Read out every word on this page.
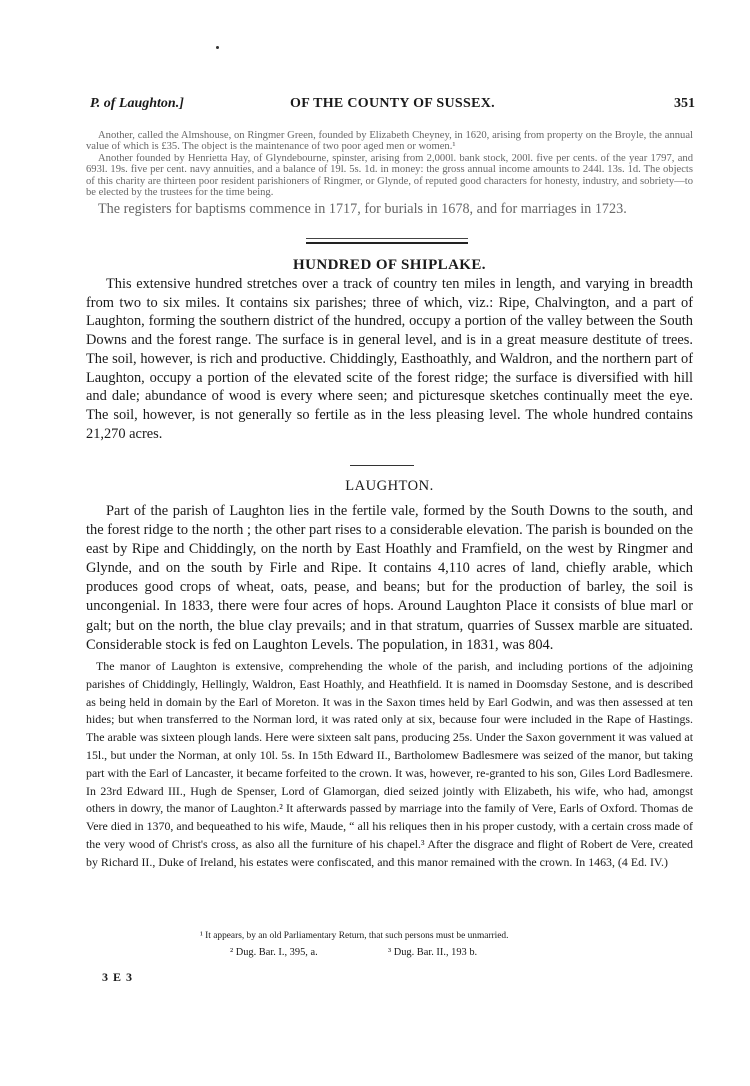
P. of Laughton.]	OF THE COUNTY OF SUSSEX.	351

Another, called the Almshouse, on Ringmer Green, founded by Elizabeth Cheyney, in 1620, arising from property on the Broyle, the annual value of which is £35. The object is the maintenance of two poor aged men or women.¹

Another founded by Henrietta Hay, of Glyndebourne, spinster, arising from 2,000l. bank stock, 200l. five per cents. of the year 1797, and 693l. 19s. five per cent. navy annuities, and a balance of 19l. 5s. 1d. in money: the gross annual income amounts to 244l. 13s. 1d. The objects of this charity are thirteen poor resident parishioners of Ringmer, or Glynde, of reputed good characters for honesty, industry, and sobriety—to be elected by the trustees for the time being.

The registers for baptisms commence in 1717, for burials in 1678, and for marriages in 1723.

HUNDRED OF SHIPLAKE.

This extensive hundred stretches over a track of country ten miles in length, and varying in breadth from two to six miles. It contains six parishes; three of which, viz.: Ripe, Chalvington, and a part of Laughton, forming the southern district of the hundred, occupy a portion of the valley between the South Downs and the forest range. The surface is in general level, and is in a great measure destitute of trees. The soil, however, is rich and productive. Chiddingly, Easthoathly, and Waldron, and the northern part of Laughton, occupy a portion of the elevated scite of the forest ridge; the surface is diversified with hill and dale; abundance of wood is every where seen; and picturesque sketches continually meet the eye. The soil, however, is not generally so fertile as in the less pleasing level. The whole hundred contains 21,270 acres.

LAUGHTON.

Part of the parish of Laughton lies in the fertile vale, formed by the South Downs to the south, and the forest ridge to the north ; the other part rises to a considerable elevation. The parish is bounded on the east by Ripe and Chiddingly, on the north by East Hoathly and Framfield, on the west by Ringmer and Glynde, and on the south by Firle and Ripe. It contains 4,110 acres of land, chiefly arable, which produces good crops of wheat, oats, pease, and beans; but for the production of barley, the soil is uncongenial. In 1833, there were four acres of hops. Around Laughton Place it consists of blue marl or galt; but on the north, the blue clay prevails; and in that stratum, quarries of Sussex marble are situated. Considerable stock is fed on Laughton Levels. The population, in 1831, was 804.

The manor of Laughton is extensive, comprehending the whole of the parish, and including portions of the adjoining parishes of Chiddingly, Hellingly, Waldron, East Hoathly, and Heathfield. It is named in Doomsday Sestone, and is described as being held in domain by the Earl of Moreton. It was in the Saxon times held by Earl Godwin, and was then assessed at ten hides; but when transferred to the Norman lord, it was rated only at six, because four were included in the Rape of Hastings. The arable was sixteen plough lands. Here were sixteen salt pans, producing 25s. Under the Saxon government it was valued at 15l., but under the Norman, at only 10l. 5s. In 15th Edward II., Bartholomew Badlesmere was seized of the manor, but taking part with the Earl of Lancaster, it became forfeited to the crown. It was, however, re-granted to his son, Giles Lord Badlesmere. In 23rd Edward III., Hugh de Spenser, Lord of Glamorgan, died seized jointly with Elizabeth, his wife, who had, amongst others in dowry, the manor of Laughton.² It afterwards passed by marriage into the family of Vere, Earls of Oxford. Thomas de Vere died in 1370, and bequeathed to his wife, Maude, “ all his reliques then in his proper custody, with a certain cross made of the very wood of Christ's cross, as also all the furniture of his chapel.³ After the disgrace and flight of Robert de Vere, created by Richard II., Duke of Ireland, his estates were confiscated, and this manor remained with the crown. In 1463, (4 Ed. IV.)

¹ It appears, by an old Parliamentary Return, that such persons must be unmarried.
² Dug. Bar. I., 395, a.	³ Dug. Bar. II., 193 b.
3 E 3
